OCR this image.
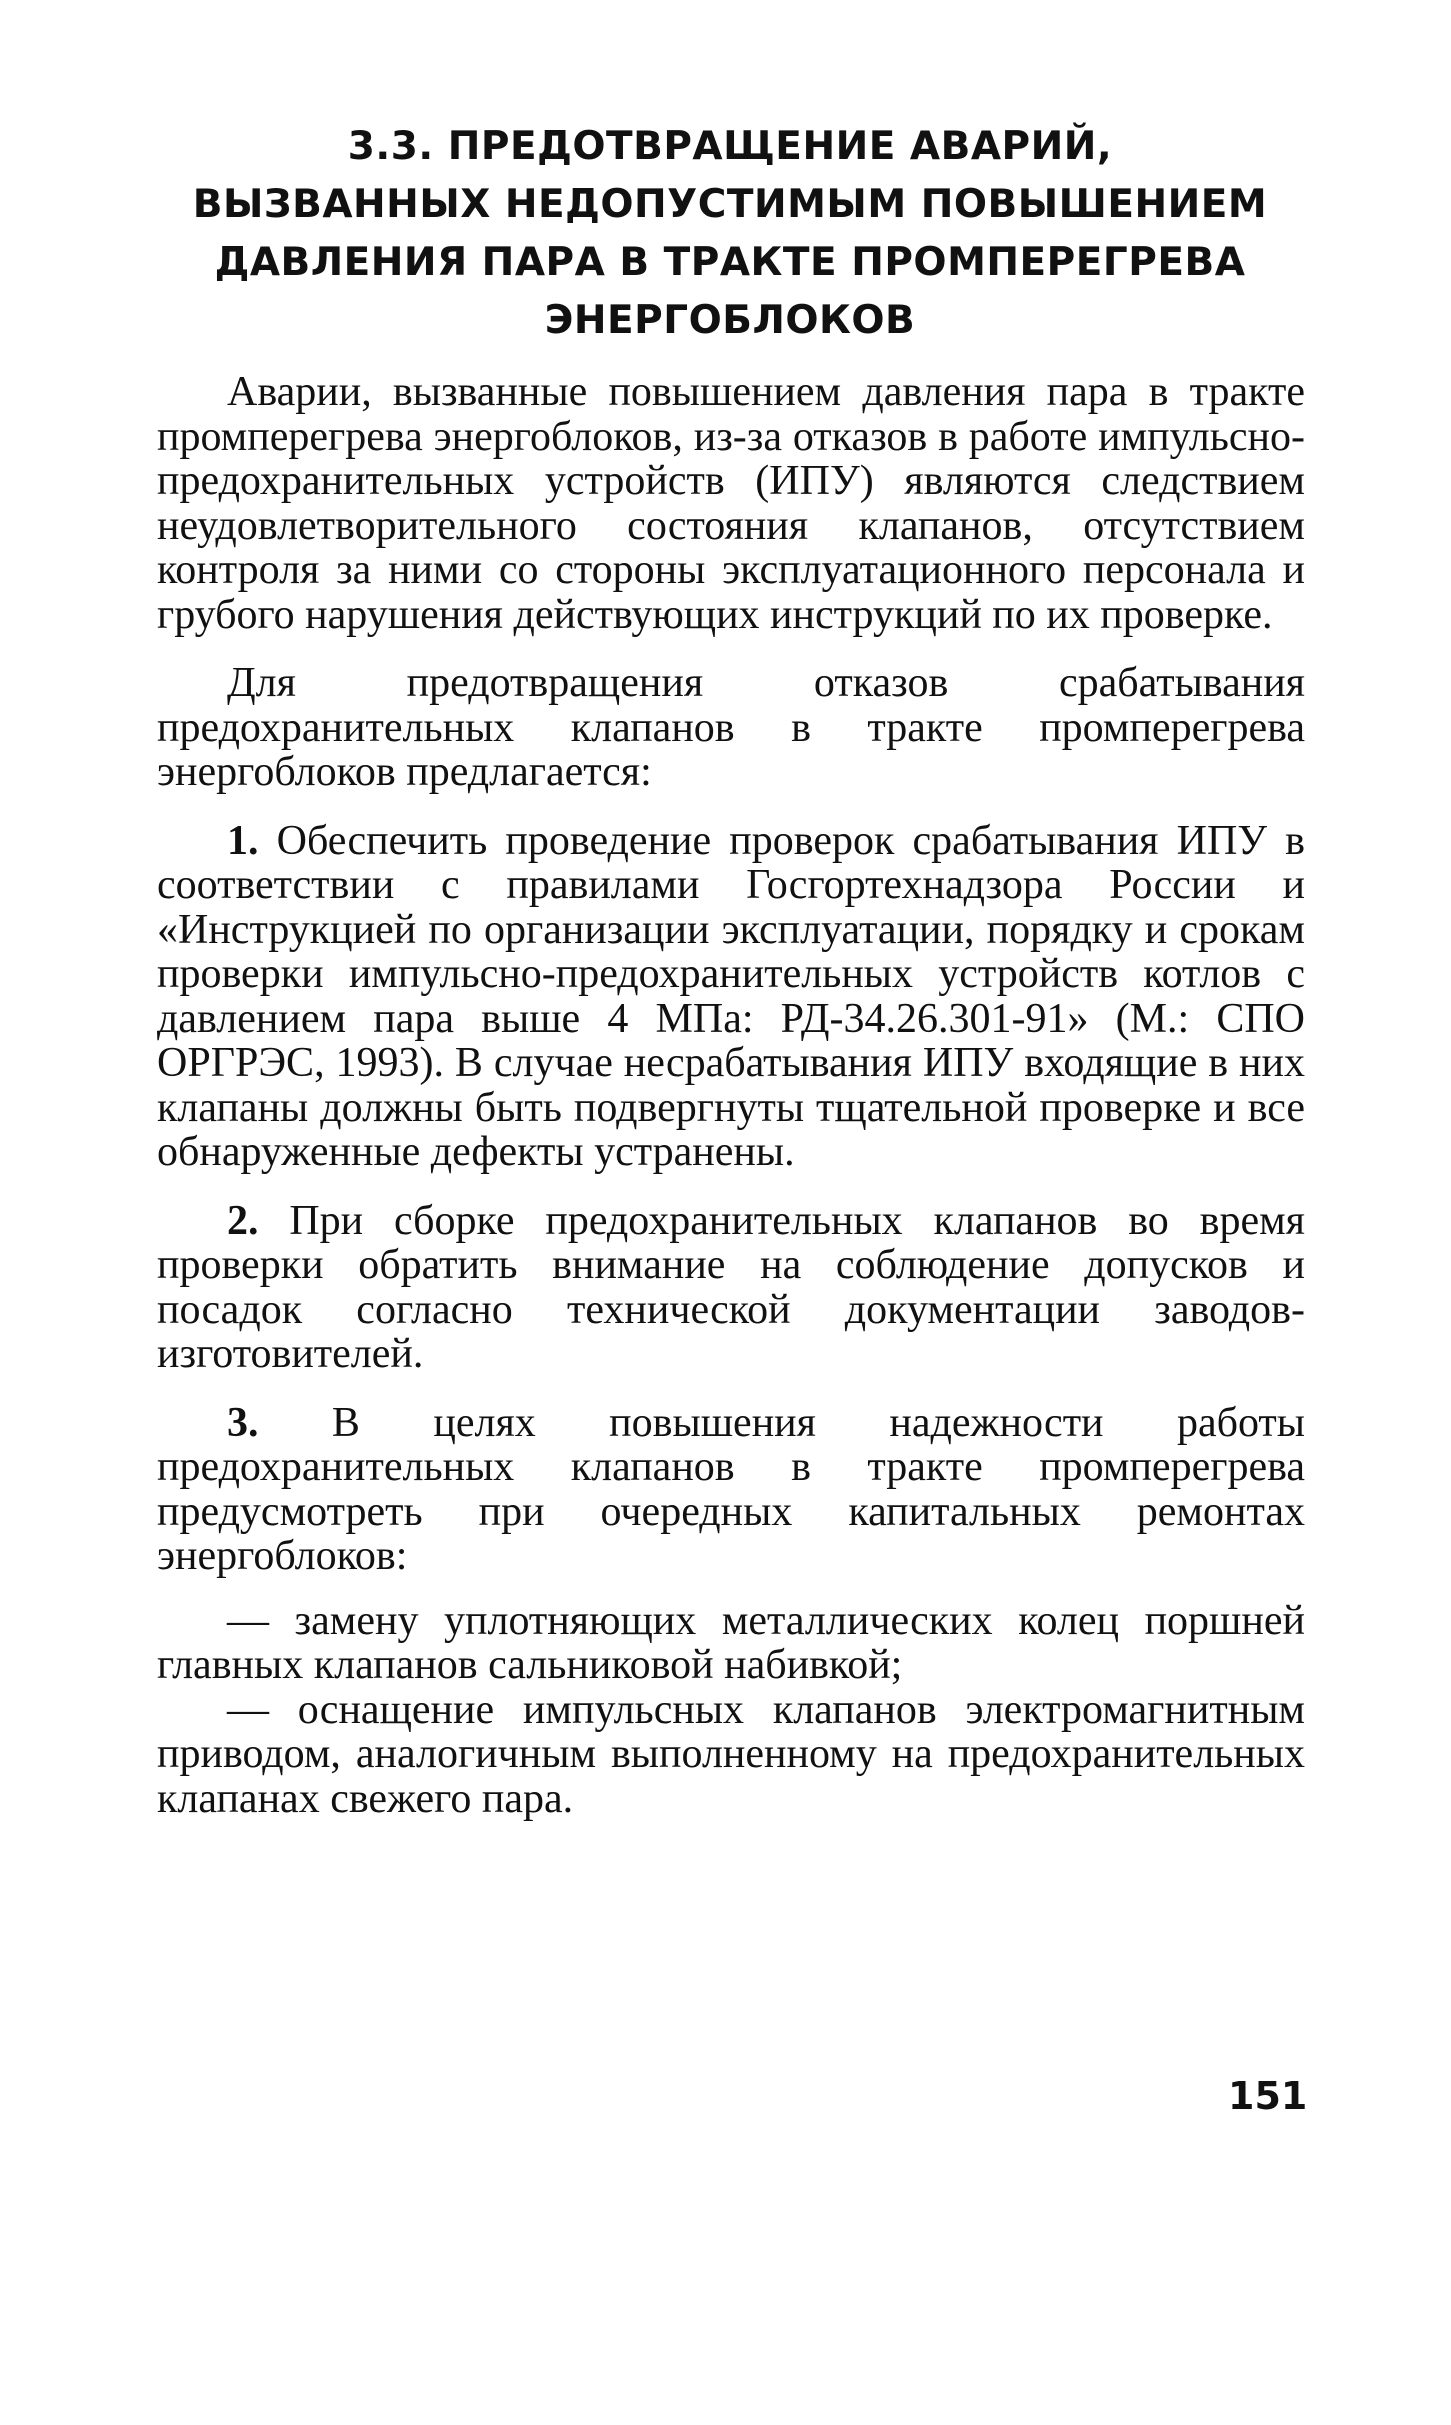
3.3. ПРЕДОТВРАЩЕНИЕ АВАРИЙ,
ВЫЗВАННЫХ НЕДОПУСТИМЫМ ПОВЫШЕНИЕМ
ДАВЛЕНИЯ ПАРА В ТРАКТЕ ПРОМПЕРЕГРЕВА
ЭНЕРГОБЛОКОВ

Аварии, вызванные повышением давления пара в тракте промперегрева энергоблоков, из-за отказов в работе импульсно-предохранительных устройств (ИПУ) являются следствием неудовлетворительного состояния клапанов, отсутствием контроля за ними со стороны эксплуатационного персонала и грубого нарушения действующих инструкций по их проверке.

Для предотвращения отказов срабатывания предохранительных клапанов в тракте промперегрева энергоблоков предлагается:

1. Обеспечить проведение проверок срабатывания ИПУ в соответствии с правилами Госгортехнадзора России и «Инструкцией по организации эксплуатации, порядку и срокам проверки импульсно-предохранительных устройств котлов с давлением пара выше 4 МПа: РД-34.26.301-91» (М.: СПО ОРГРЭС, 1993). В случае несрабатывания ИПУ входящие в них клапаны должны быть подвергнуты тщательной проверке и все обнаруженные дефекты устранены.

2. При сборке предохранительных клапанов во время проверки обратить внимание на соблюдение допусков и посадок согласно технической документации заводов-изготовителей.

3. В целях повышения надежности работы предохранительных клапанов в тракте промперегрева предусмотреть при очередных капитальных ремонтах энергоблоков:

— замену уплотняющих металлических колец поршней главных клапанов сальниковой набивкой;

— оснащение импульсных клапанов электромагнитным приводом, аналогичным выполненному на предохранительных клапанах свежего пара.

151
